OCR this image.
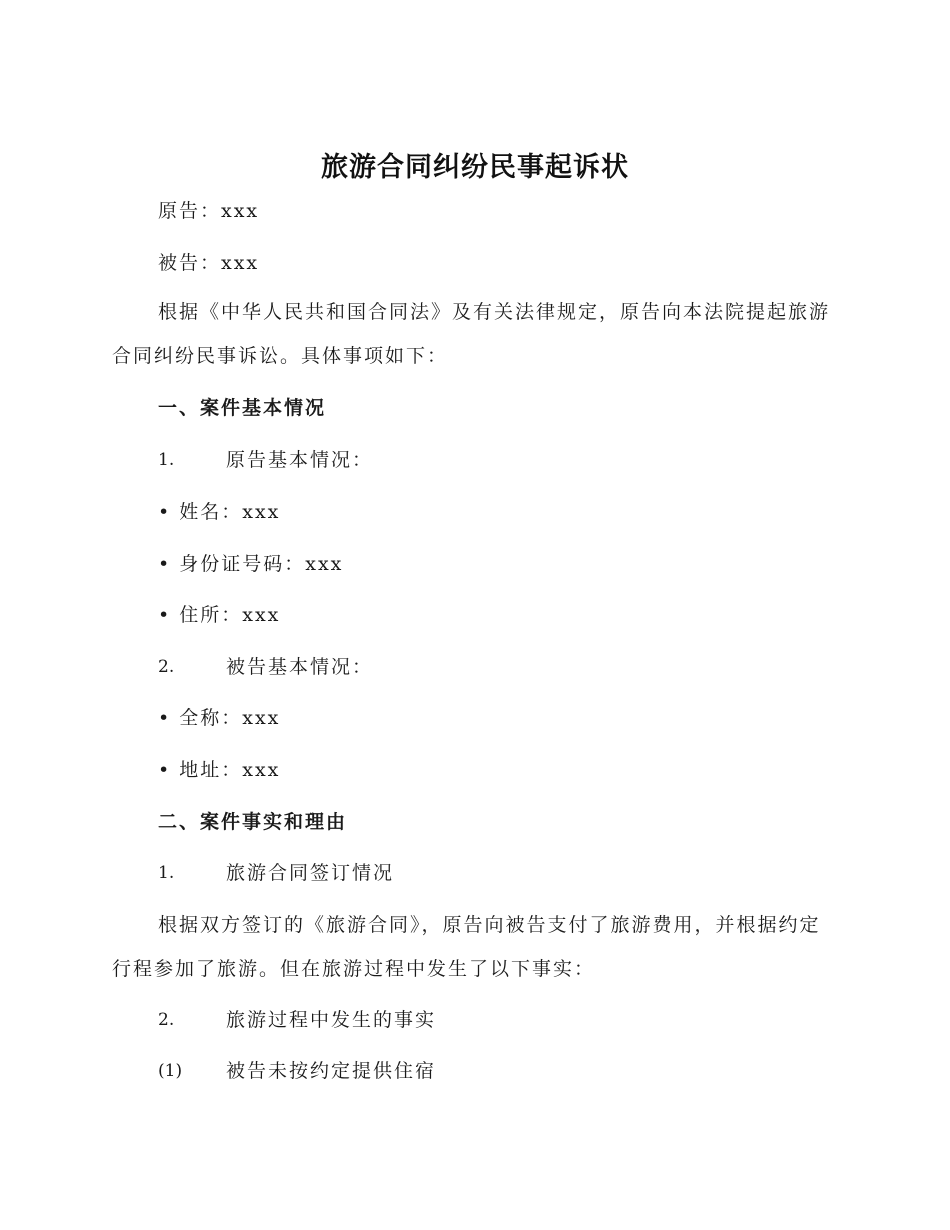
旅游合同纠纷民事起诉状
原告：xxx
被告：xxx
根据《中华人民共和国合同法》及有关法律规定，原告向本法院提起旅游合同纠纷民事诉讼。具体事项如下：
一、案件基本情况
1.	原告基本情况：
• 姓名：xxx
• 身份证号码：xxx
• 住所：xxx
2.	被告基本情况：
• 全称：xxx
• 地址：xxx
二、案件事实和理由
1.	旅游合同签订情况
根据双方签订的《旅游合同》，原告向被告支付了旅游费用，并根据约定行程参加了旅游。但在旅游过程中发生了以下事实：
2.	旅游过程中发生的事实
(1) 被告未按约定提供住宿
